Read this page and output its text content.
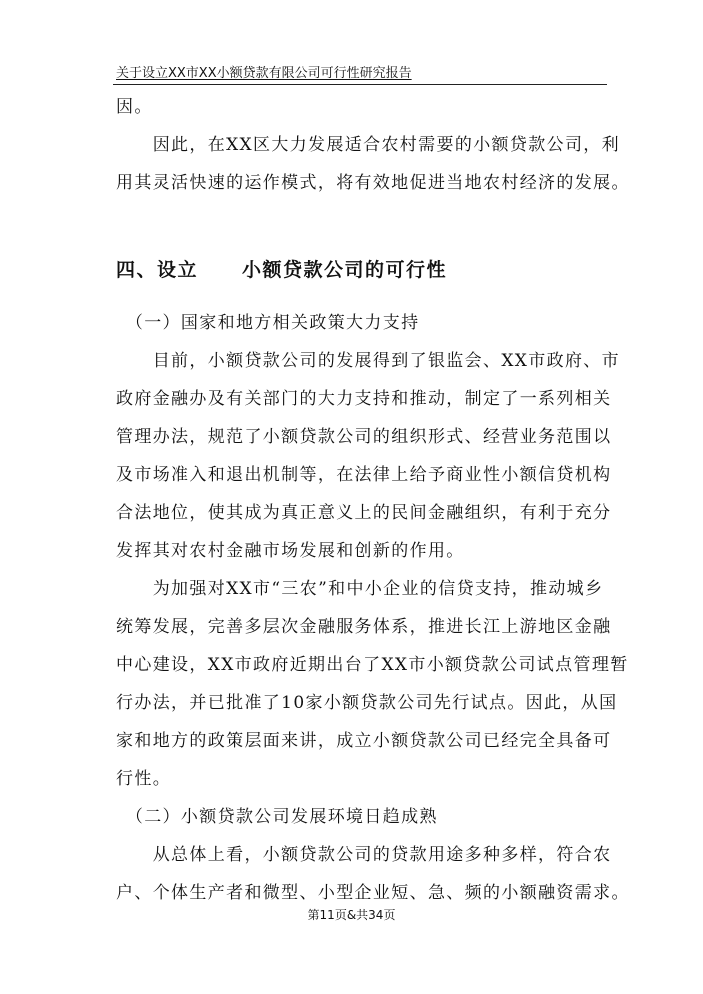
关于设立XX市XX小额贷款有限公司可行性研究报告
因。
　　因此，在XX区大力发展适合农村需要的小额贷款公司，利
用其灵活快速的运作模式，将有效地促进当地农村经济的发展。
四、设立 小额贷款公司的可行性
　（一）国家和地方相关政策大力支持
　　目前，小额贷款公司的发展得到了银监会、XX市政府、市
政府金融办及有关部门的大力支持和推动，制定了一系列相关
管理办法，规范了小额贷款公司的组织形式、经营业务范围以
及市场准入和退出机制等，在法律上给予商业性小额信贷机构
合法地位，使其成为真正意义上的民间金融组织，有利于充分
发挥其对农村金融市场发展和创新的作用。
　　为加强对XX市“三农”和中小企业的信贷支持，推动城乡
统筹发展，完善多层次金融服务体系，推进长江上游地区金融
中心建设，XX市政府近期出台了XX市小额贷款公司试点管理暂
行办法，并已批准了10家小额贷款公司先行试点。因此，从国
家和地方的政策层面来讲，成立小额贷款公司已经完全具备可
行性。
　（二）小额贷款公司发展环境日趋成熟
　　从总体上看，小额贷款公司的贷款用途多种多样，符合农
户、个体生产者和微型、小型企业短、急、频的小额融资需求。
第11页&共34页
